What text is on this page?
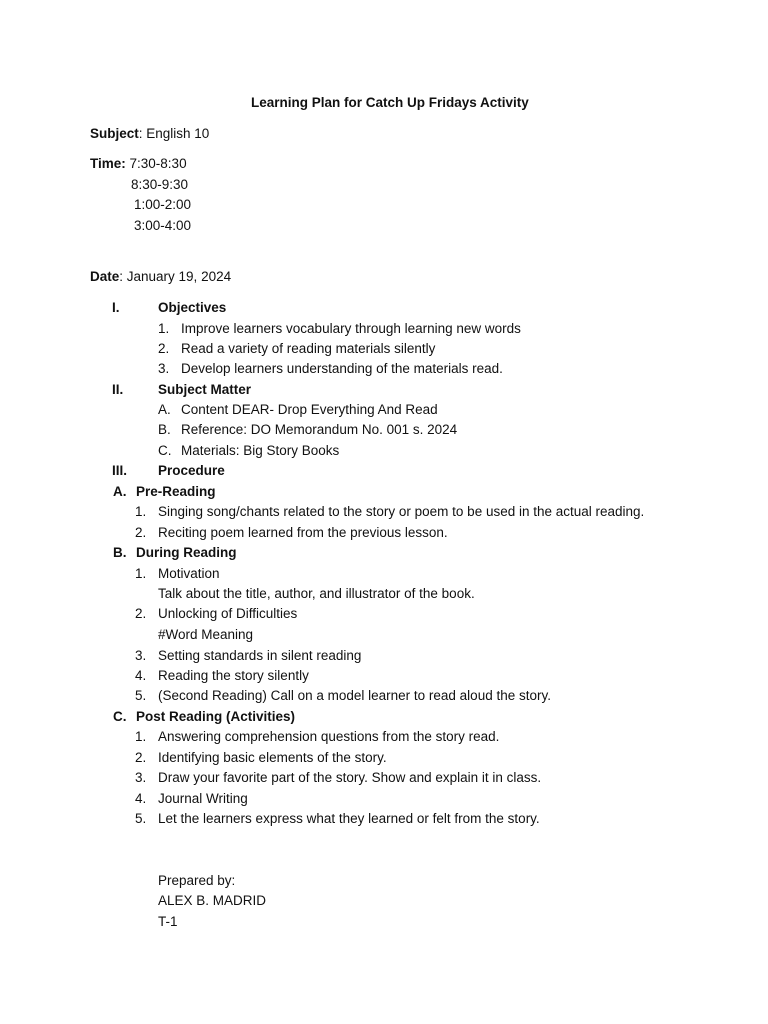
Learning Plan for Catch Up Fridays Activity
Subject: English 10
Time: 7:30-8:30
8:30-9:30
1:00-2:00
3:00-4:00
Date: January 19, 2024
I.	Objectives
1. Improve learners vocabulary through learning new words
2. Read a variety of reading materials silently
3. Develop learners understanding of the materials read.
II.	Subject Matter
A. Content DEAR- Drop Everything And Read
B. Reference: DO Memorandum No. 001 s. 2024
C. Materials: Big Story Books
III. Procedure
A. Pre-Reading
1. Singing song/chants related to the story or poem to be used in the actual reading.
2. Reciting poem learned from the previous lesson.
B. During Reading
1. Motivation
Talk about the title, author, and illustrator of the book.
2. Unlocking of Difficulties
#Word Meaning
3. Setting standards in silent reading
4. Reading the story silently
5. (Second Reading) Call on a model learner to read aloud the story.
C. Post Reading (Activities)
1. Answering comprehension questions from the story read.
2. Identifying basic elements of the story.
3. Draw your favorite part of the story. Show and explain it in class.
4. Journal Writing
5. Let the learners express what they learned or felt from the story.
Prepared by:
ALEX B. MADRID
T-1
